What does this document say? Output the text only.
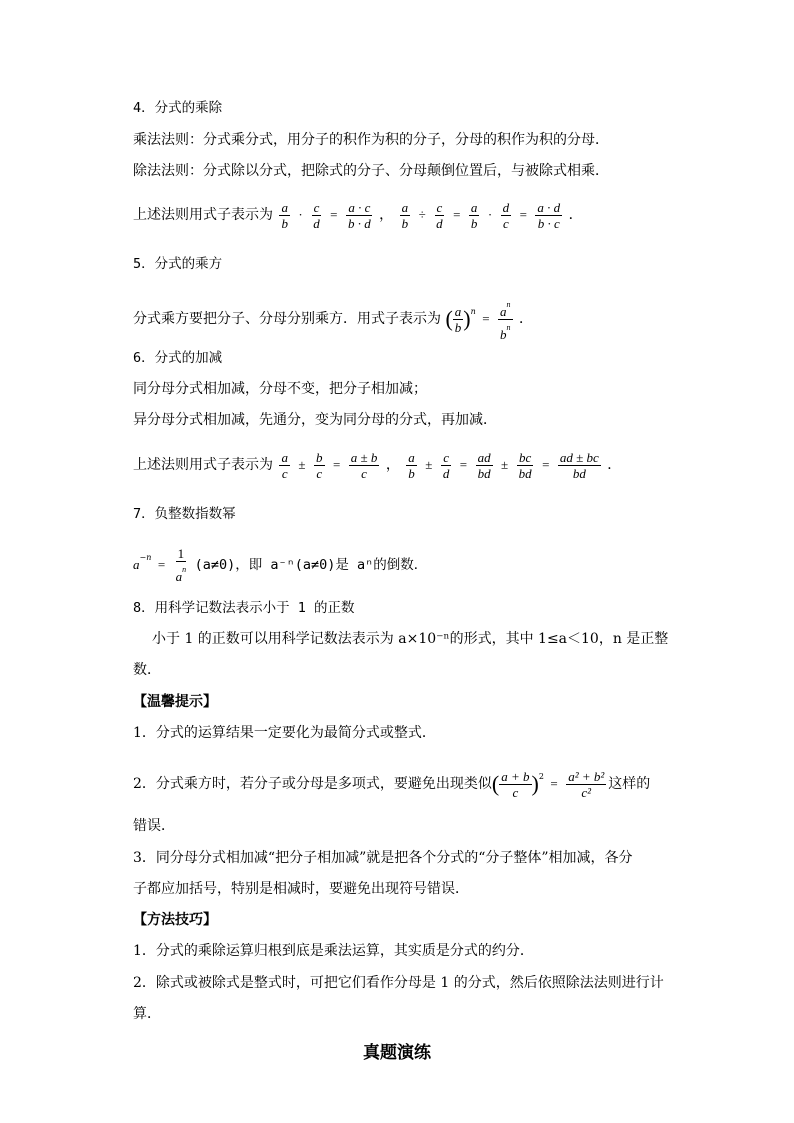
4．分式的乘除
乘法法则：分式乘分式，用分子的积作为积的分子，分母的积作为积的分母．
除法法则：分式除以分式，把除式的分子、分母颠倒位置后，与被除式相乘．
上述法则用式子表示为 $\frac{a}{b} \cdot \frac{c}{d} = \frac{a \cdot c}{b \cdot d}$ ， $\frac{a}{b} \div \frac{c}{d} = \frac{a}{b} \cdot \frac{d}{c} = \frac{a \cdot d}{b \cdot c}$ ．
5．分式的乘方
分式乘方要把分子、分母分别乘方．用式子表示为 ( $\frac{a}{b} )^n = \frac{a^n}{b^n}$ ．
6．分式的加减
同分母分式相加减，分母不变，把分子相加减；
异分母分式相加减，先通分，变为同分母的分式，再加减．
上述法则用式子表示为 $\frac{a}{c} \pm \frac{b}{c} = \frac{a \pm b}{c}$ ， $\frac{a}{b} \pm \frac{c}{d} = \frac{ad}{bd} \pm \frac{bc}{bd} = \frac{ad \pm bc}{bd}$ ．
7．负整数指数幂
$a^{-n} = \frac{1}{a^n} (a\ne 0)$，即 a⁻ⁿ(a≠0)是 aⁿ的倒数．
8．用科学记数法表示小于 1 的正数
小于 1 的正数可以用科学记数法表示为 a×10⁻ⁿ的形式，其中 1≤a＜10，n 是正整
数．
【温馨提示】
1．分式的运算结果一定要化为最简分式或整式．
2．分式乘方时，若分子或分母是多项式，要避免出现类似( $\frac{a + b}{c} )^2 = \frac{\text{a² + b²}}{\text{c²}}$ 这样的
错误．
3．同分母分式相加减“把分子相加减”就是把各个分式的“分子整体”相加减，各分
子都应加括号，特别是相减时，要避免出现符号错误．
【方法技巧】
1．分式的乘除运算归根到底是乘法运算，其实质是分式的约分．
2．除式或被除式是整式时，可把它们看作分母是 1 的分式，然后依照除法法则进行计
算．
真题演练
